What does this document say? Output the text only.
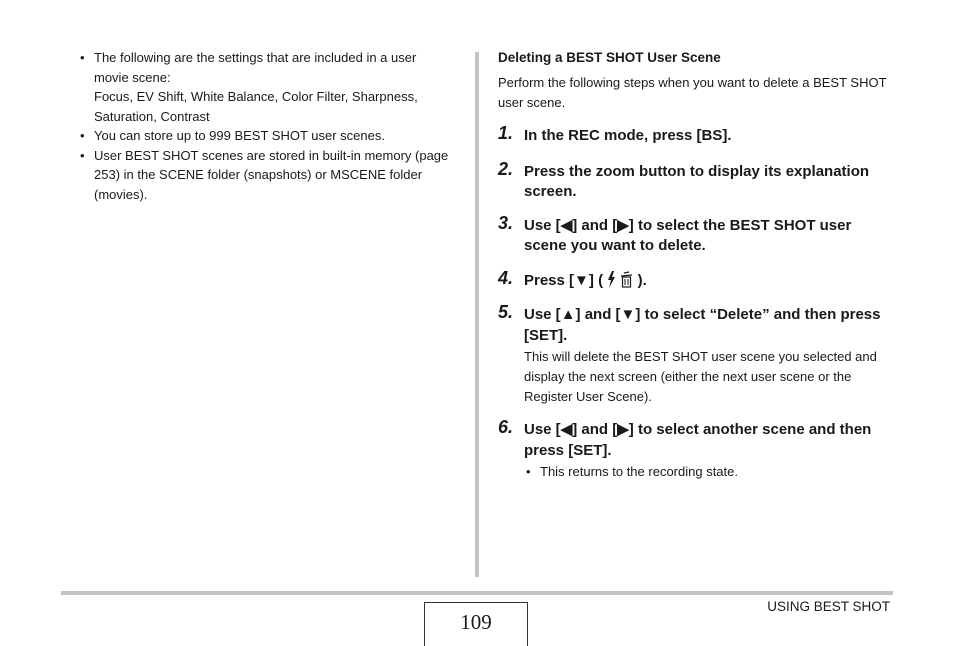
• The following are the settings that are included in a user movie scene:
Focus, EV Shift, White Balance, Color Filter, Sharpness, Saturation, Contrast
• You can store up to 999 BEST SHOT user scenes.
• User BEST SHOT scenes are stored in built-in memory (page 253) in the SCENE folder (snapshots) or MSCENE folder (movies).
Deleting a BEST SHOT User Scene
Perform the following steps when you want to delete a BEST SHOT user scene.
1. In the REC mode, press [BS].
2. Press the zoom button to display its explanation screen.
3. Use [◀] and [▶] to select the BEST SHOT user scene you want to delete.
4. Press [▼] ( ).
5. Use [▲] and [▼] to select “Delete” and then press [SET].
This will delete the BEST SHOT user scene you selected and display the next screen (either the next user scene or the Register User Scene).
6. Use [◀] and [▶] to select another scene and then press [SET].
• This returns to the recording state.
109
USING BEST SHOT
